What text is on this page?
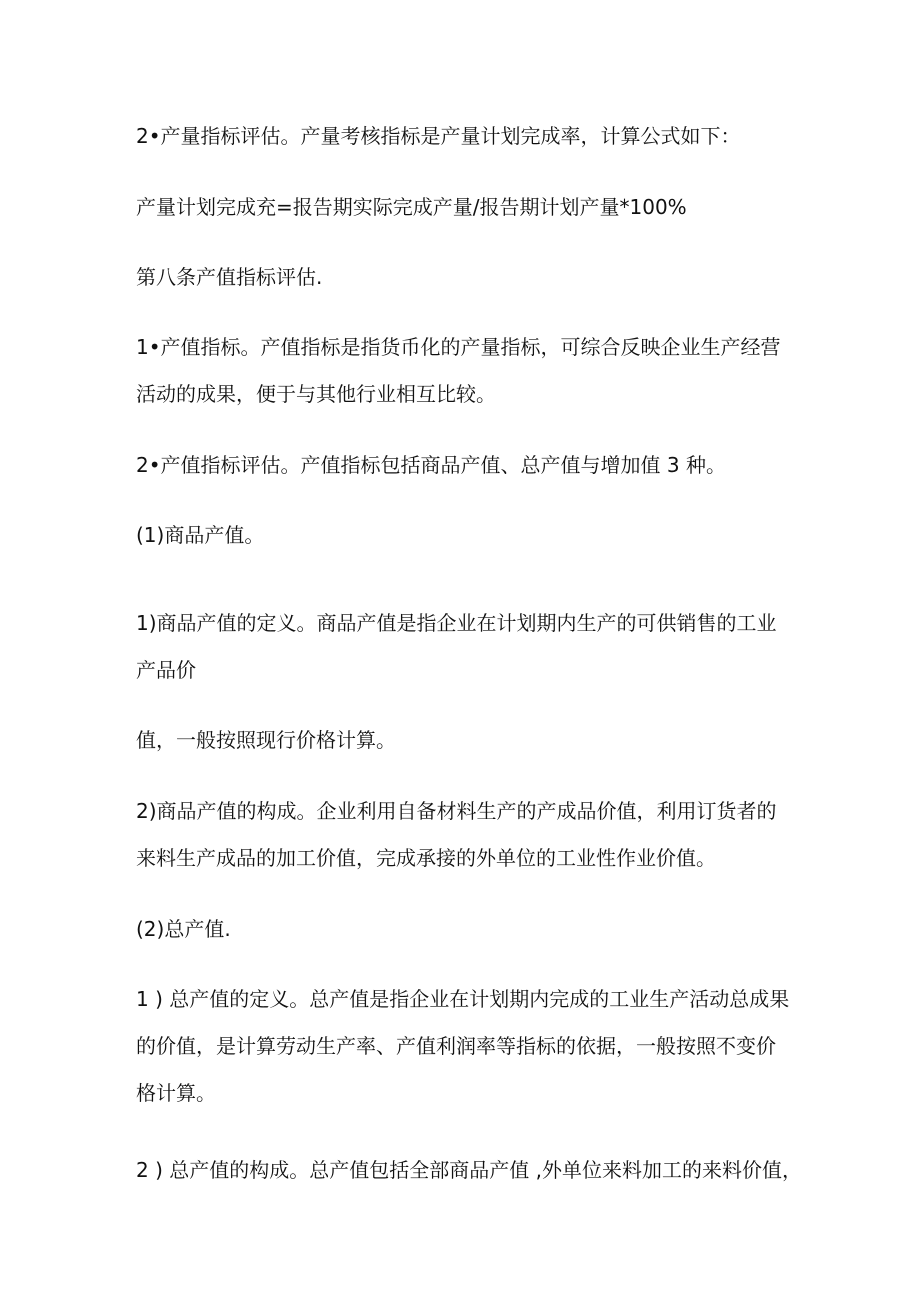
2•产量指标评估。产量考核指标是产量计划完成率，计算公式如下：

产量计划完成充=报告期实际完成产量/报告期计划产量*100%

第八条产值指标评估.

1•产值指标。产值指标是指货币化的产量指标，可综合反映企业生产经营
活动的成果，便于与其他行业相互比较。

2•产值指标评估。产值指标包括商品产值、总产值与增加值 3 种。

(1)商品产值。

1)商品产值的定义。商品产值是指企业在计划期内生产的可供销售的工业
产品价

值，一般按照现行价格计算。

2)商品产值的构成。企业利用自备材料生产的产成品价值，利用订货者的
来料生产成品的加工价值，完成承接的外单位的工业性作业价值。

(2)总产值.

1 ) 总产值的定义。总产值是指企业在计划期内完成的工业生产活动总成果
的价值，是计算劳动生产率、产值利润率等指标的依据，一般按照不变价
格计算。

2 ) 总产值的构成。总产值包括全部商品产值 ,外单位来料加工的来料价值，
